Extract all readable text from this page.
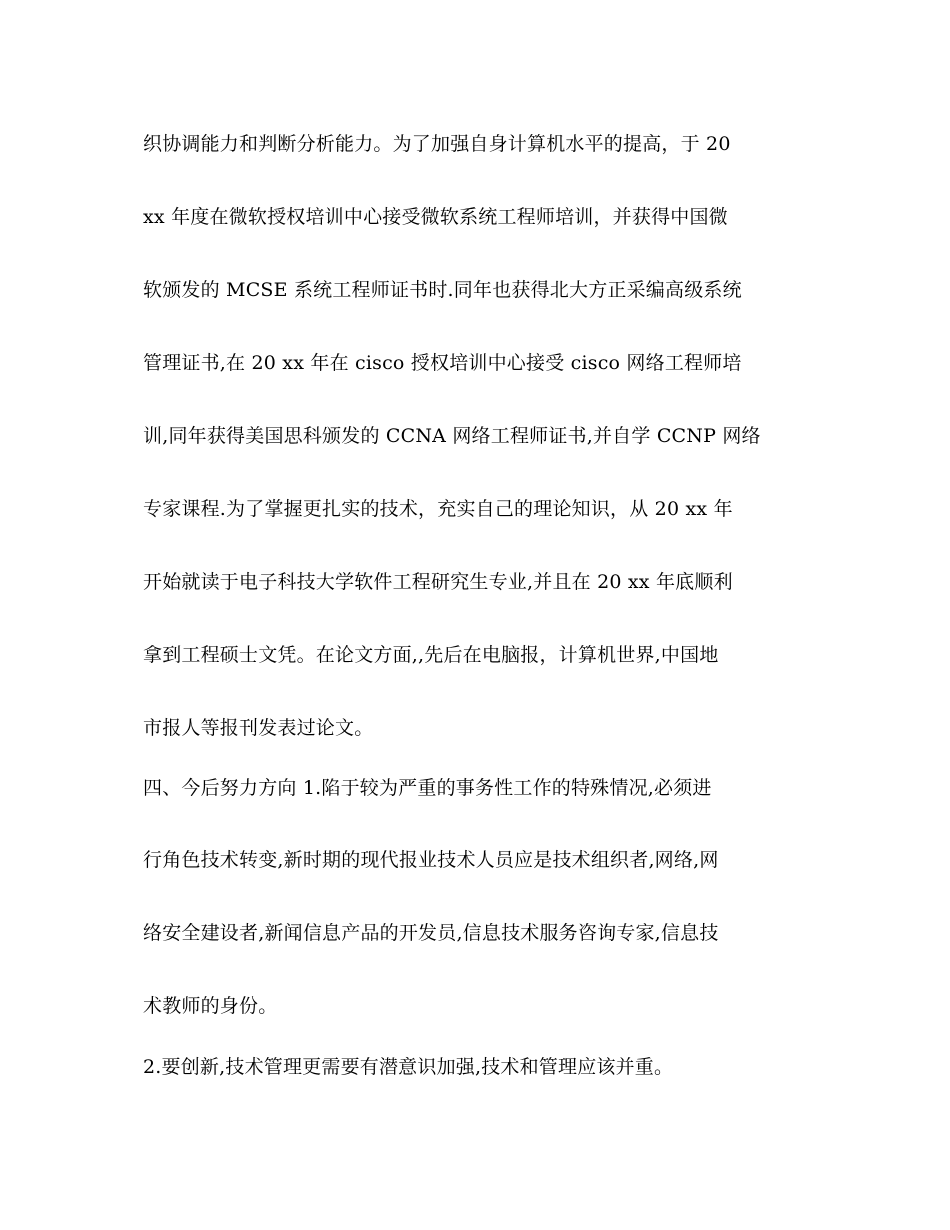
织协调能力和判断分析能力。为了加强自身计算机水平的提高，于 20
xx 年度在微软授权培训中心接受微软系统工程师培训，并获得中国微
软颁发的 MCSE 系统工程师证书时.同年也获得北大方正采编高级系统
管理证书,在 20 xx 年在 cisco 授权培训中心接受 cisco 网络工程师培
训,同年获得美国思科颁发的 CCNA 网络工程师证书,并自学 CCNP 网络
专家课程.为了掌握更扎实的技术，充实自己的理论知识，从 20 xx 年
开始就读于电子科技大学软件工程研究生专业,并且在 20 xx 年底顺利
拿到工程硕士文凭。在论文方面,,先后在电脑报，计算机世界,中国地
市报人等报刊发表过论文。
四、今后努力方向 1.陷于较为严重的事务性工作的特殊情况,必须进
行角色技术转变,新时期的现代报业技术人员应是技术组织者,网络,网
络安全建设者,新闻信息产品的开发员,信息技术服务咨询专家,信息技
术教师的身份。
2.要创新,技术管理更需要有潜意识加强,技术和管理应该并重。
